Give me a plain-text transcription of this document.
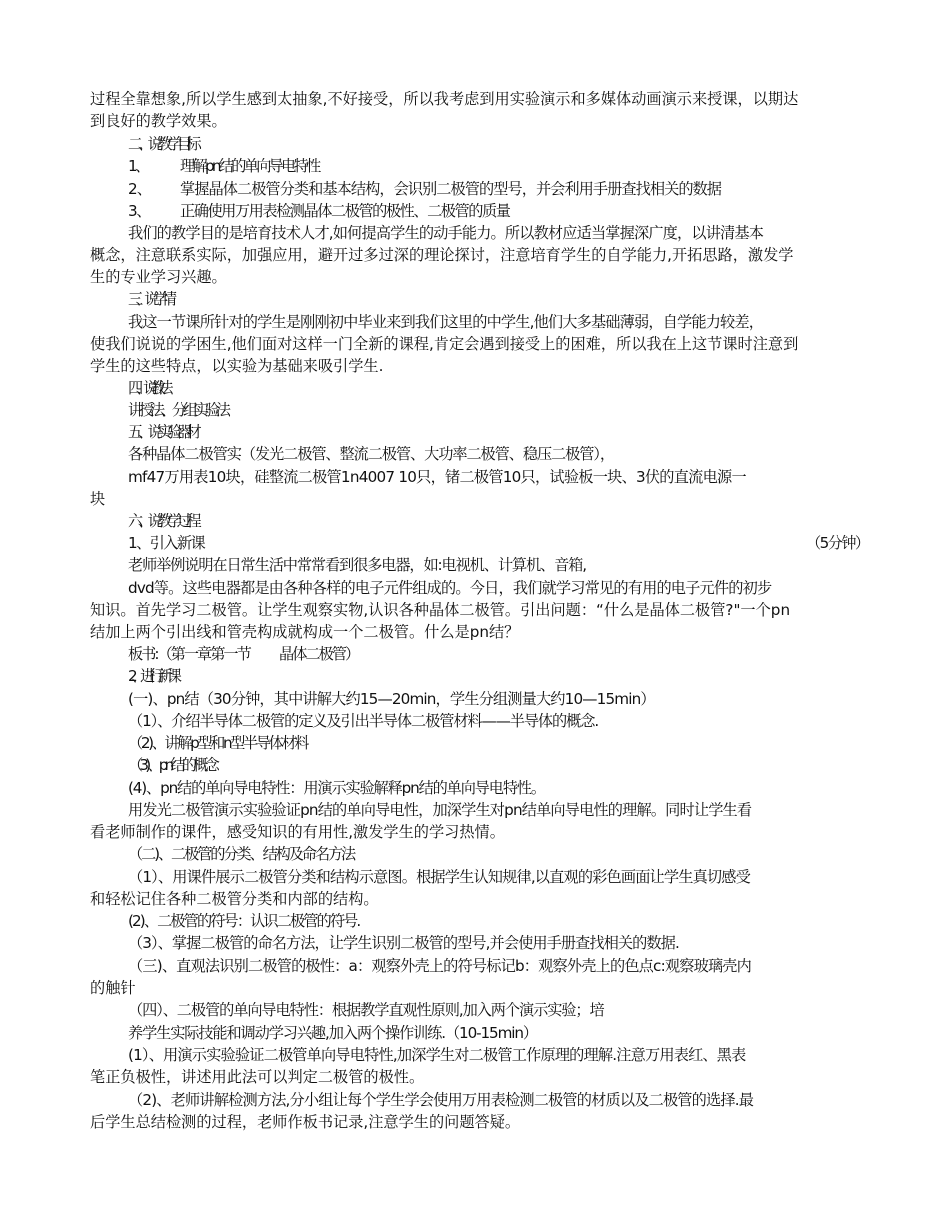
过程全靠想象,所以学生感到太抽象,不好接受，所以我考虑到用实验演示和多媒体动画演示来授课，以期达
到良好的教学效果。
二、说教学目标
1、 理解pn结的单向导电特性
2、 掌握晶体二极管分类和基本结构，会识别二极管的型号，并会利用手册查找相关的数据
3、 正确使用万用表检测晶体二极管的极性、二极管的质量
我们的教学目的是培育技术人才,如何提高学生的动手能力。所以教材应适当掌握深广度，以讲清基本
概念，注意联系实际，加强应用，避开过多过深的理论探讨，注意培育学生的自学能力,开拓思路，激发学
生的专业学习兴趣。
三 、说学情
我这一节课所针对的学生是刚刚初中毕业来到我们这里的中学生,他们大多基础薄弱，自学能力较差，
使我们说说的学困生,他们面对这样一门全新的课程,肯定会遇到接受上的困难，所以我在上这节课时注意到
学生的这些特点，以实验为基础来吸引学生.
四、说教法
讲授法、分组实验法
五、说实验器材
各种晶体二极管实（发光二极管、整流二极管、大功率二极管、稳压二极管），
mf47万用表10块，硅整流二极管1n4007 10只，锗二极管10只，试验板一块、3伏的直流电源一
块
六、说教学过程
1、引入新课	（5分钟）
老师举例说明在日常生活中常常看到很多电器，如:电视机、计算机、音箱,
dvd等。这些电器都是由各种各样的电子元件组成的。今日，我们就学习常见的有用的电子元件的初步
知识。首先学习二极管。让学生观察实物,认识各种晶体二极管。引出问题：“什么是晶体二极管?"一个pn
结加上两个引出线和管壳构成就构成一个二极管。什么是pn结？
板书:（第一章第一节　　 晶体二极管）
2、进行新课
(一)、pn结（30分钟，其中讲解大约15—20min，学生分组测量大约10—15min）
（1）、介绍半导体二极管的定义及引出半导体二极管材料——半导体的概念.
（2)、讲解p型和n型半导体材料
（3)、pn结的概念
(4)、pn结的单向导电特性：用演示实验解释pn结的单向导电特性。
用发光二极管演示实验验证pn结的单向导电性，加深学生对pn结单向导电性的理解。同时让学生看
看老师制作的课件，感受知识的有用性,激发学生的学习热情。
（二)、二极管的分类、结构及命名方法
（1）、用课件展示二极管分类和结构示意图。根据学生认知规律,以直观的彩色画面让学生真切感受
和轻松记住各种二极管分类和内部的结构。
(2)、二极管的符号：认识二极管的符号.
（3）、掌握二极管的命名方法，让学生识别二极管的型号,并会使用手册查找相关的数据.
（三)、直观法识别二极管的极性：a：观察外壳上的符号标记b：观察外壳上的色点c:观察玻璃壳内
的触针
（四）、二极管的单向导电特性：根据教学直观性原则,加入两个演示实验；培
养学生实际技能和调动学习兴趣,加入两个操作训练.（10-15min）
(1）、用演示实验验证二极管单向导电特性,加深学生对二极管工作原理的理解.注意万用表红、黑表
笔正负极性，讲述用此法可以判定二极管的极性。
（2)、老师讲解检测方法,分小组让每个学生学会使用万用表检测二极管的材质以及二极管的选择.最
后学生总结检测的过程，老师作板书记录,注意学生的问题答疑。
